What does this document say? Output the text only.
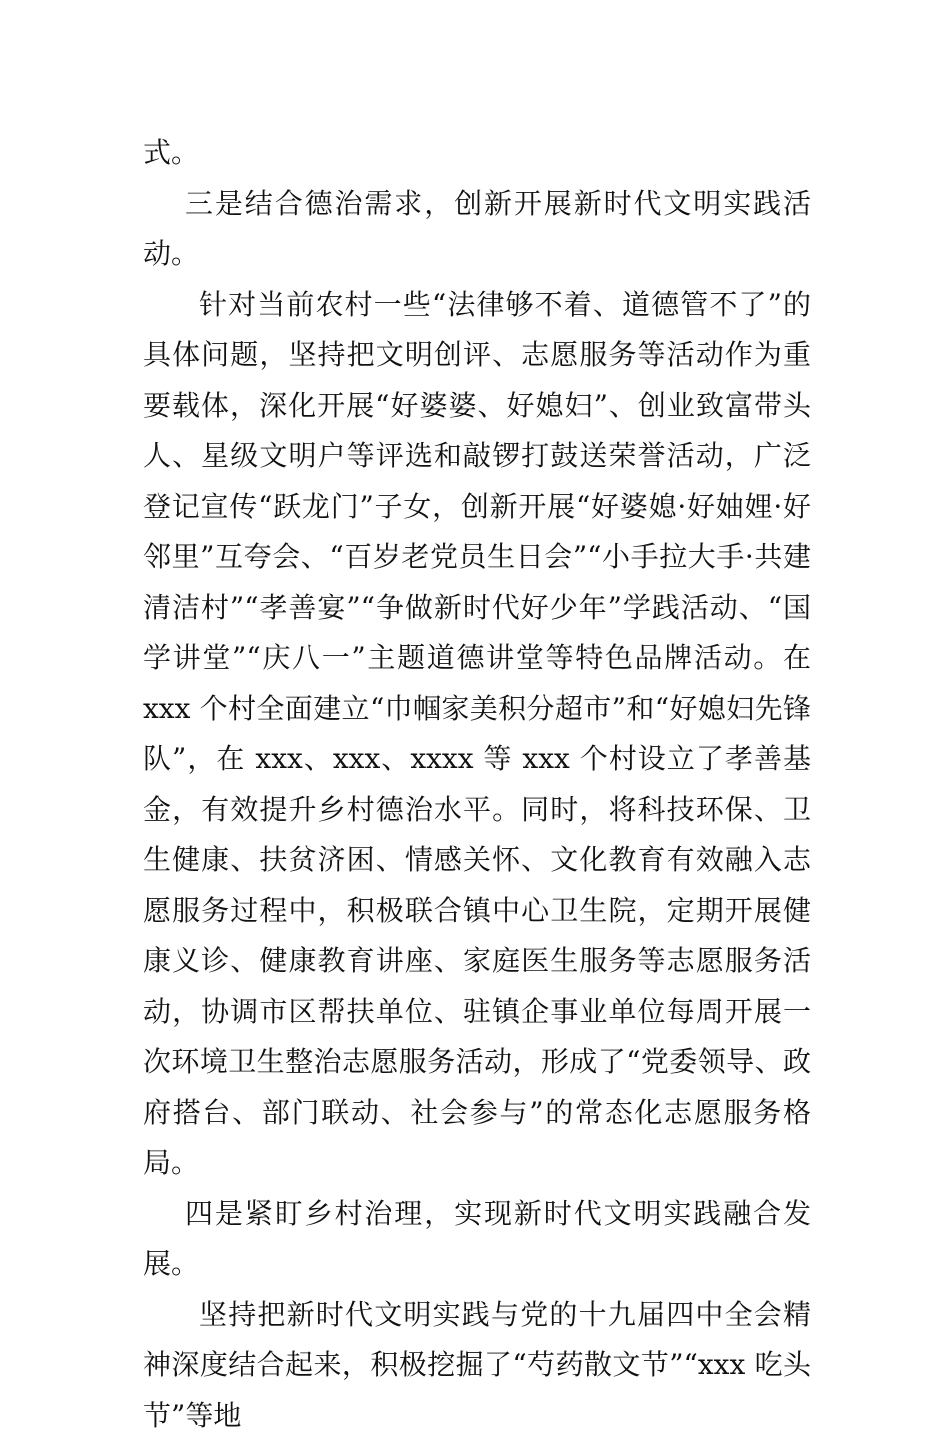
式。

三是结合德治需求，创新开展新时代文明实践活动。

针对当前农村一些“法律够不着、道德管不了”的具体问题，坚持把文明创评、志愿服务等活动作为重要载体，深化开展“好婆婆、好媳妇”、创业致富带头人、星级文明户等评选和敲锣打鼓送荣誉活动，广泛登记宣传“跃龙门”子女，创新开展“好婆媳·好妯娌·好邻里”互夸会、“百岁老党员生日会”“小手拉大手·共建清洁村”“孝善宴”“争做新时代好少年”学践活动、“国学讲堂”“庆八一”主题道德讲堂等特色品牌活动。在 xxx 个村全面建立“巾帼家美积分超市”和“好媳妇先锋队”，在 xxx、xxx、xxxx 等 xxx 个村设立了孝善基金，有效提升乡村德治水平。同时，将科技环保、卫生健康、扶贫济困、情感关怀、文化教育有效融入志愿服务过程中，积极联合镇中心卫生院，定期开展健康义诊、健康教育讲座、家庭医生服务等志愿服务活动，协调市区帮扶单位、驻镇企事业单位每周开展一次环境卫生整治志愿服务活动，形成了“党委领导、政府搭台、部门联动、社会参与”的常态化志愿服务格局。

四是紧盯乡村治理，实现新时代文明实践融合发展。

坚持把新时代文明实践与党的十九届四中全会精神深度结合起来，积极挖掘了“芍药散文节”“xxx 吃头节”等地
